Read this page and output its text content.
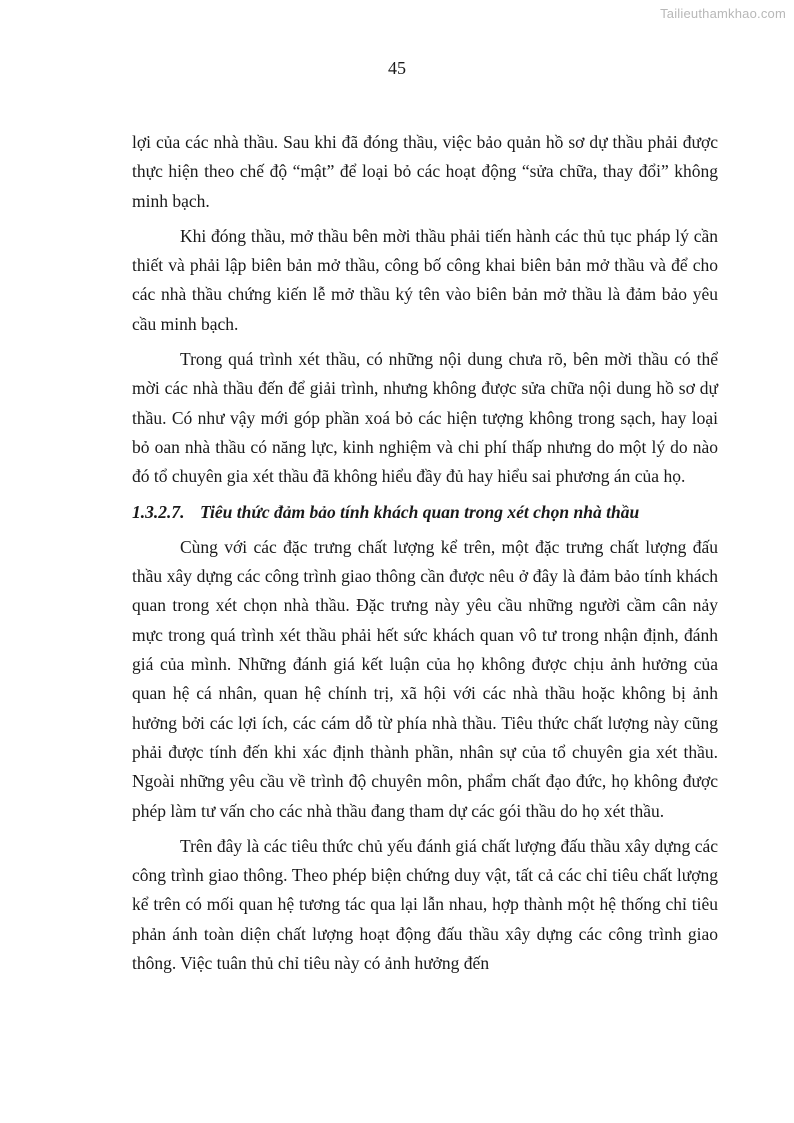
Tailieuthamkhao.com
45

lợi của các nhà thầu. Sau khi đã đóng thầu, việc bảo quản hồ sơ dự thầu phải được thực hiện theo chế độ “mật” để loại bỏ các hoạt động “sửa chữa, thay đổi” không minh bạch.

Khi đóng thầu, mở thầu bên mời thầu phải tiến hành các thủ tục pháp lý cần thiết và phải lập biên bản mở thầu, công bố công khai biên bản mở thầu và để cho các nhà thầu chứng kiến lễ mở thầu ký tên vào biên bản mở thầu là đảm bảo yêu cầu minh bạch.

Trong quá trình xét thầu, có những nội dung chưa rõ, bên mời thầu có thể mời các nhà thầu đến để giải trình, nhưng không được sửa chữa nội dung hồ sơ dự thầu. Có như vậy mới góp phần xoá bỏ các hiện tượng không trong sạch, hay loại bỏ oan nhà thầu có năng lực, kinh nghiệm và chi phí thấp nhưng do một lý do nào đó tổ chuyên gia xét thầu đã không hiểu đầy đủ hay hiểu sai phương án của họ.

1.3.2.7. Tiêu thức đảm bảo tính khách quan trong xét chọn nhà thầu

Cùng với các đặc trưng chất lượng kể trên, một đặc trưng chất lượng đấu thầu xây dựng các công trình giao thông cần được nêu ở đây là đảm bảo tính khách quan trong xét chọn nhà thầu. Đặc trưng này yêu cầu những người cầm cân nảy mực trong quá trình xét thầu phải hết sức khách quan vô tư trong nhận định, đánh giá của mình. Những đánh giá kết luận của họ không được chịu ảnh hưởng của quan hệ cá nhân, quan hệ chính trị, xã hội với các nhà thầu hoặc không bị ảnh hưởng bởi các lợi ích, các cám dỗ từ phía nhà thầu. Tiêu thức chất lượng này cũng phải được tính đến khi xác định thành phần, nhân sự của tổ chuyên gia xét thầu. Ngoài những yêu cầu về trình độ chuyên môn, phẩm chất đạo đức, họ không được phép làm tư vấn cho các nhà thầu đang tham dự các gói thầu do họ xét thầu.

Trên đây là các tiêu thức chủ yếu đánh giá chất lượng đấu thầu xây dựng các công trình giao thông. Theo phép biện chứng duy vật, tất cả các chỉ tiêu chất lượng kể trên có mối quan hệ tương tác qua lại lẫn nhau, hợp thành một hệ thống chỉ tiêu phản ánh toàn diện chất lượng hoạt động đấu thầu xây dựng các công trình giao thông. Việc tuân thủ chỉ tiêu này có ảnh hưởng đến
